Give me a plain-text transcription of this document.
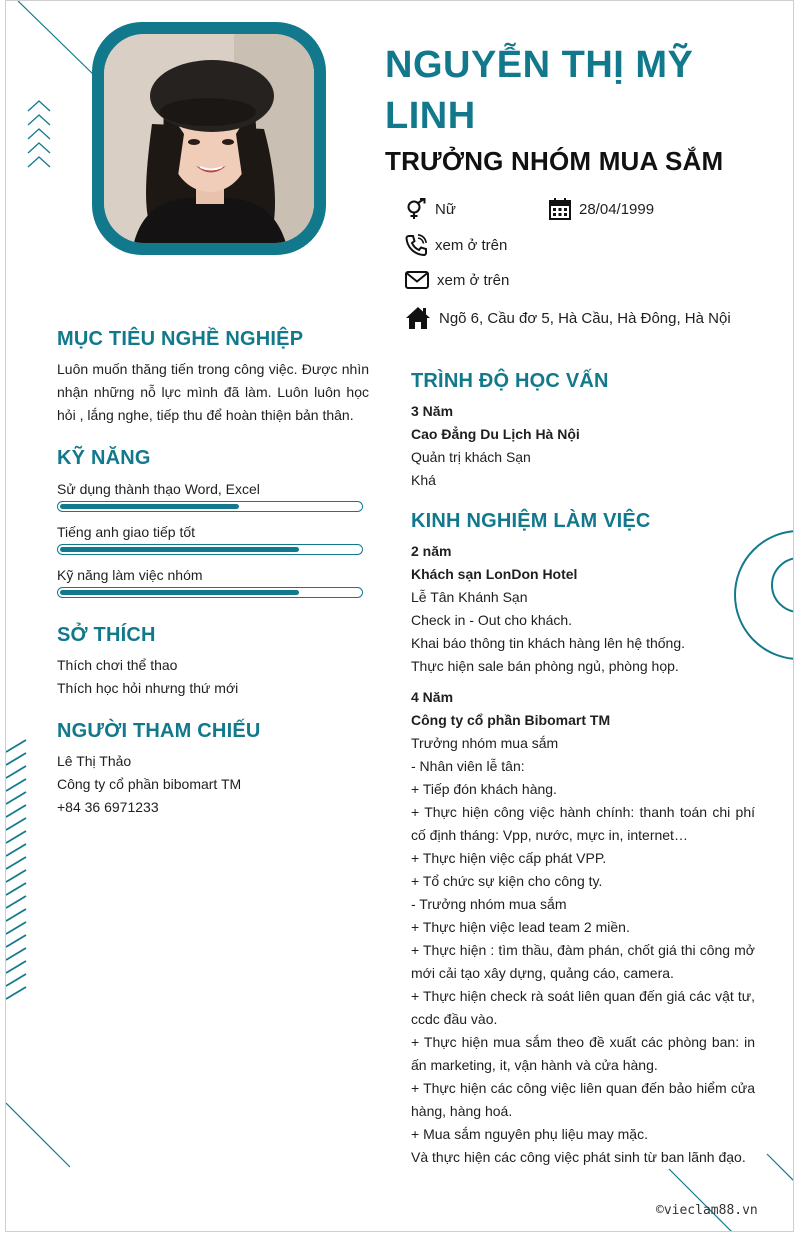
NGUYỄN THỊ MỸ
LINH
TRƯỞNG NHÓM MUA SẮM
Nữ	28/04/1999
xem ở trên
xem ở trên
Ngõ 6, Cầu đơ 5, Hà Cầu, Hà Đông, Hà Nội
MỤC TIÊU NGHỀ NGHIỆP
Luôn muốn thăng tiến trong công việc. Được nhìn nhận những nỗ lực mình đã làm. Luôn luôn học hỏi , lắng nghe, tiếp thu để hoàn thiện bản thân.
KỸ NĂNG
SỞ THÍCH
Thích chơi thể thao
Thích học hỏi nhưng thứ mới
NGƯỜI THAM CHIẾU
Lê Thị Thảo
Công ty cổ phần bibomart TM
+84 36 6971233
TRÌNH ĐỘ HỌC VẤN
3 Năm
Cao Đẳng Du Lịch Hà Nội
Quản trị khách Sạn
Khá
KINH NGHIỆM LÀM VIỆC
2 năm
Khách sạn LonDon Hotel
Lễ Tân Khánh Sạn
Check in - Out cho khách.
Khai báo thông tin khách hàng lên hệ thống.
Thực hiện sale bán phòng ngủ, phòng họp.
4 Năm
Công ty cổ phần Bibomart TM
Trưởng nhóm mua sắm
- Nhân viên lễ tân:
+ Tiếp đón khách hàng.
+ Thực hiện công việc hành chính: thanh toán chi phí cố định tháng: Vpp, nước, mực in, internet…
+ Thực hiện việc cấp phát VPP.
+ Tổ chức sự kiện cho công ty.
- Trưởng nhóm mua sắm
+ Thực hiện việc lead team 2 miền.
+ Thực hiện : tìm thầu, đàm phán, chốt giá thi công mở mới cải tạo xây dựng, quảng cáo, camera.
+ Thực hiện check rà soát liên quan đến giá các vật tư, ccdc đầu vào.
+ Thực hiện mua sắm theo đề xuất các phòng ban: in ấn marketing, it, vận hành và cửa hàng.
+ Thực hiện các công việc liên quan đến bảo hiểm cửa hàng, hàng hoá.
+ Mua sắm nguyên phụ liệu may mặc.
Và thực hiện các công việc phát sinh từ ban lãnh đạo.
©vieclam88.vn
Sử dụng thành thạo Word, Excel
Tiếng anh giao tiếp tốt
Kỹ năng làm việc nhóm
